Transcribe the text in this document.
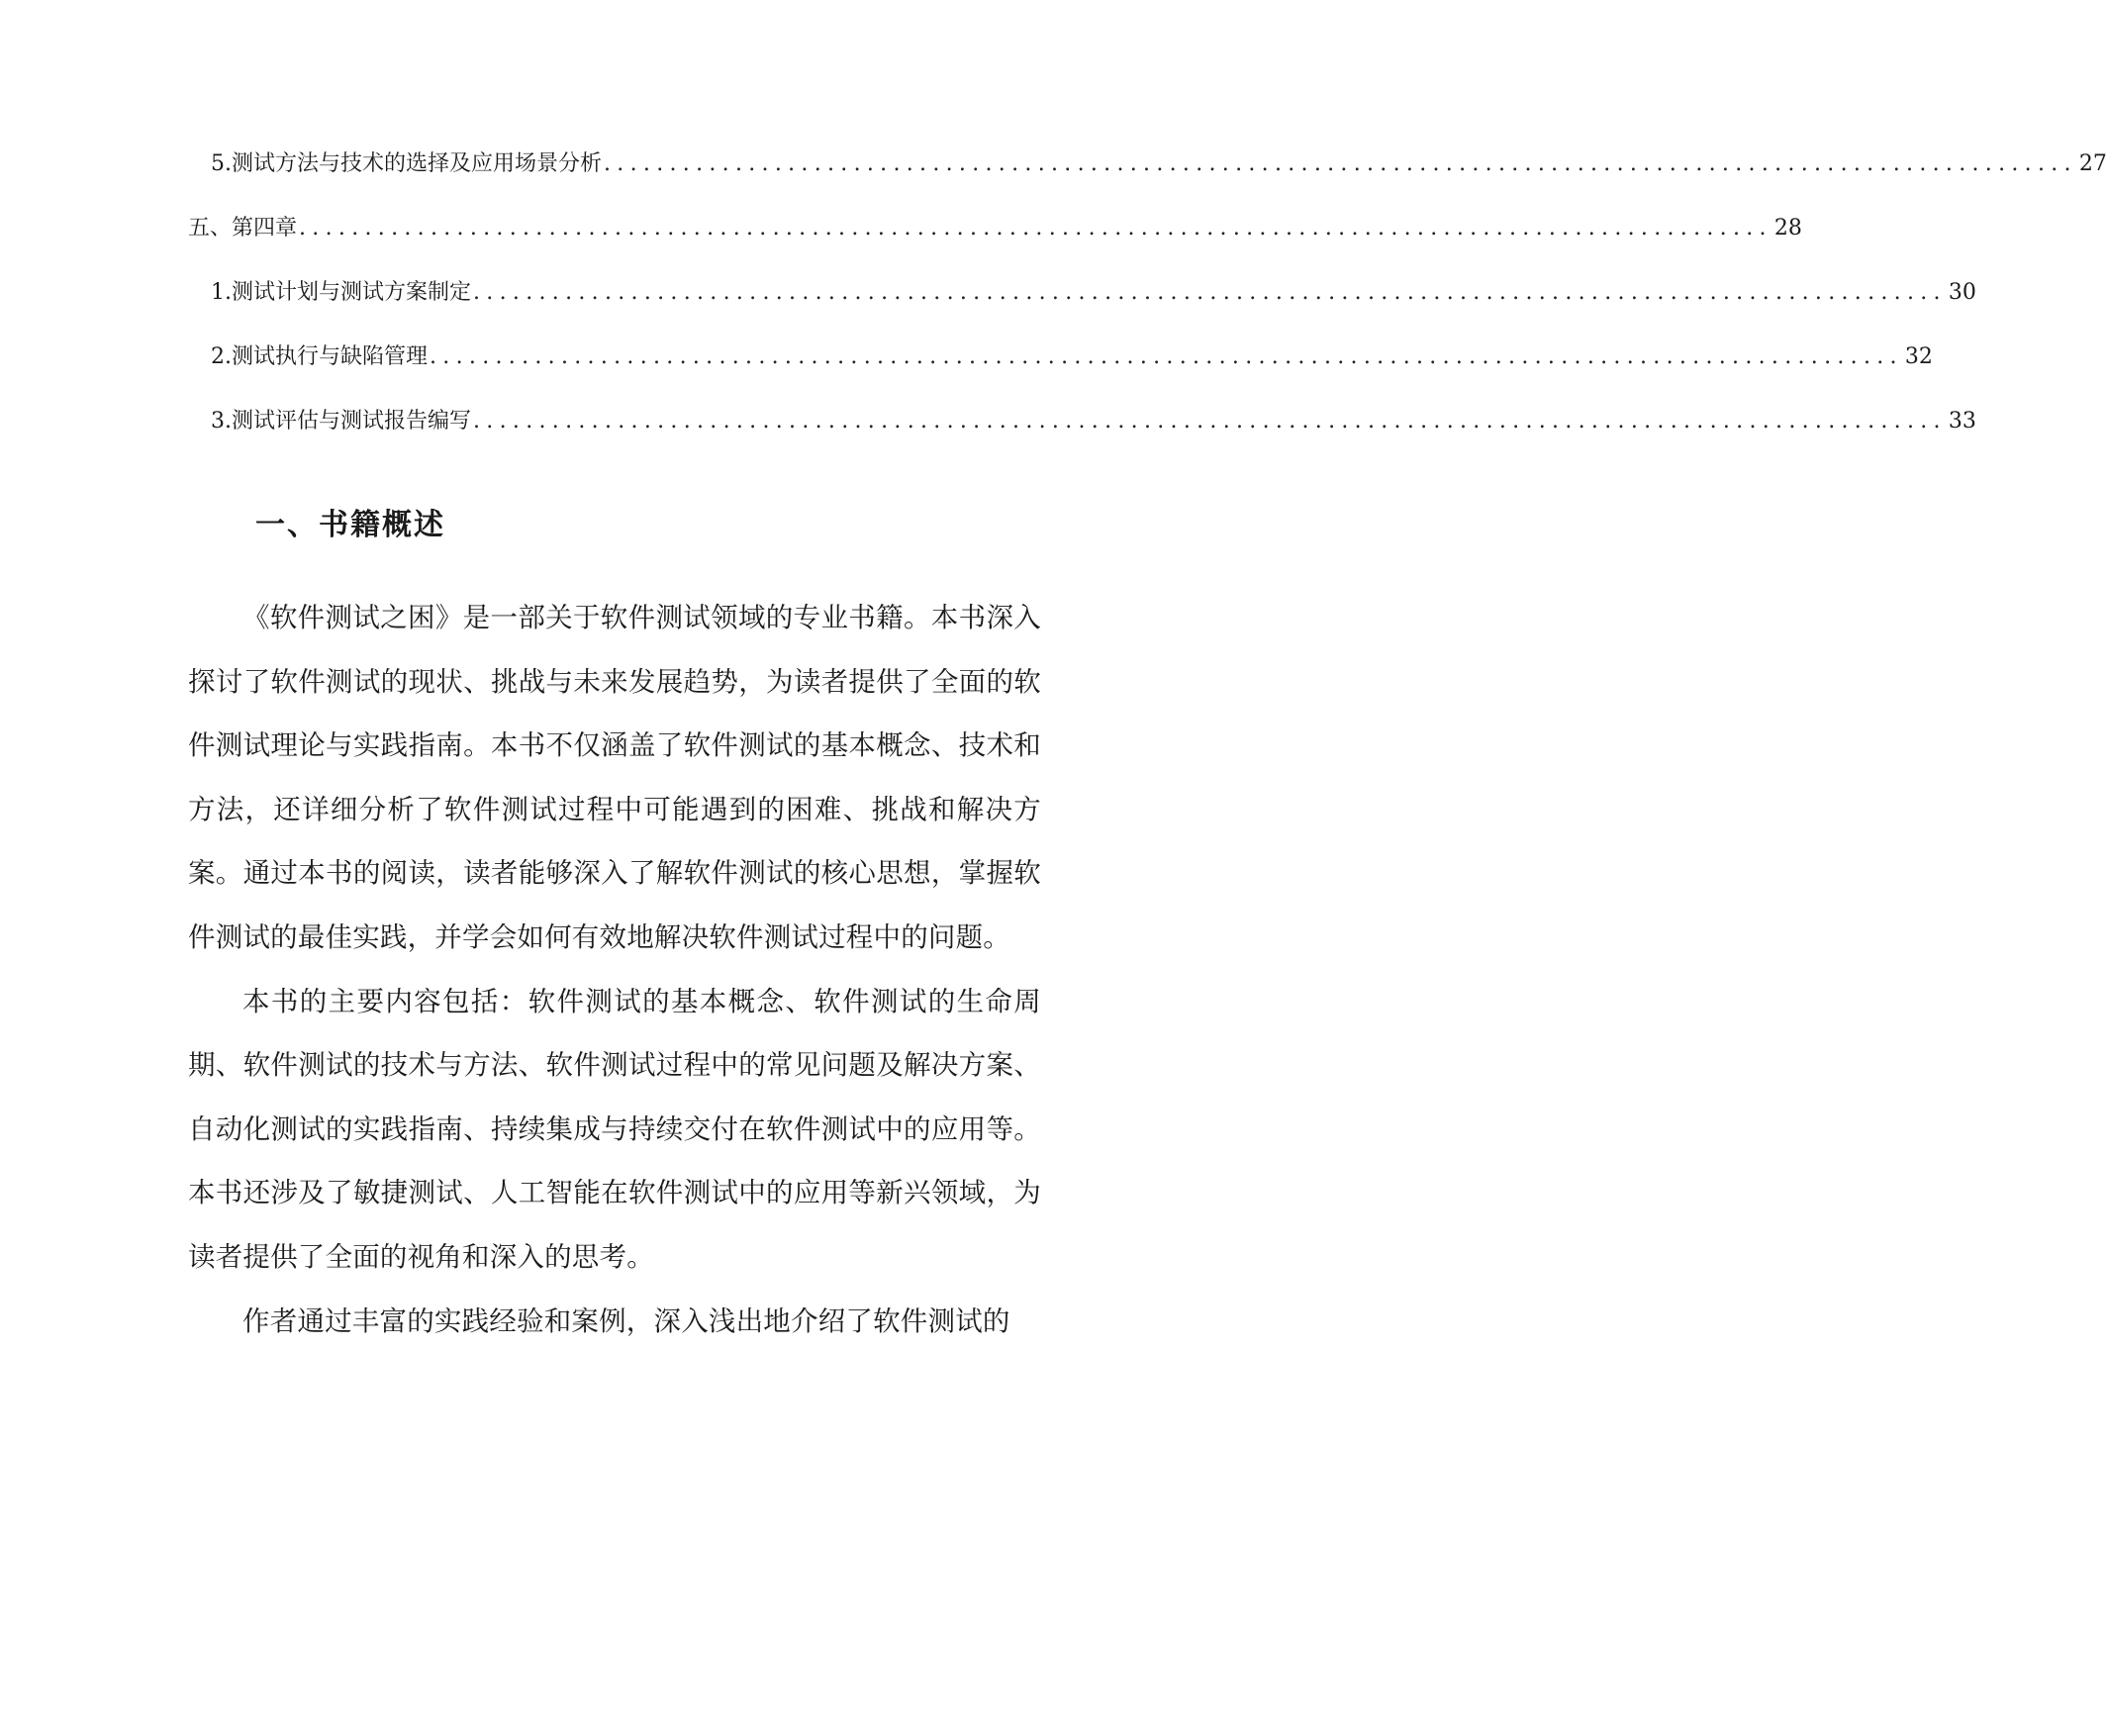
5. 测试方法与技术的选择及应用场景分析 ................................................................................................................ 27
五、第四章 ................................................................................................................ 28
1. 测试计划与测试方案制定 ................................................................................................................ 30
2. 测试执行与缺陷管理 ................................................................................................................ 32
3. 测试评估与测试报告编写 ................................................................................................................ 33
一、书籍概述

《软件测试之困》是一部关于软件测试领域的专业书籍。本书深入探讨了软件测试的现状、挑战与未来发展趋势，为读者提供了全面的软件测试理论与实践指南。本书不仅涵盖了软件测试的基本概念、技术和方法，还详细分析了软件测试过程中可能遇到的困难、挑战和解决方案。通过本书的阅读，读者能够深入了解软件测试的核心思想，掌握软件测试的最佳实践，并学会如何有效地解决软件测试过程中的问题。

本书的主要内容包括：软件测试的基本概念、软件测试的生命周期、软件测试的技术与方法、软件测试过程中的常见问题及解决方案、自动化测试的实践指南、持续集成与持续交付在软件测试中的应用等。本书还涉及了敏捷测试、人工智能在软件测试中的应用等新兴领域，为读者提供了全面的视角和深入的思考。

作者通过丰富的实践经验和案例，深入浅出地介绍了软件测试的
